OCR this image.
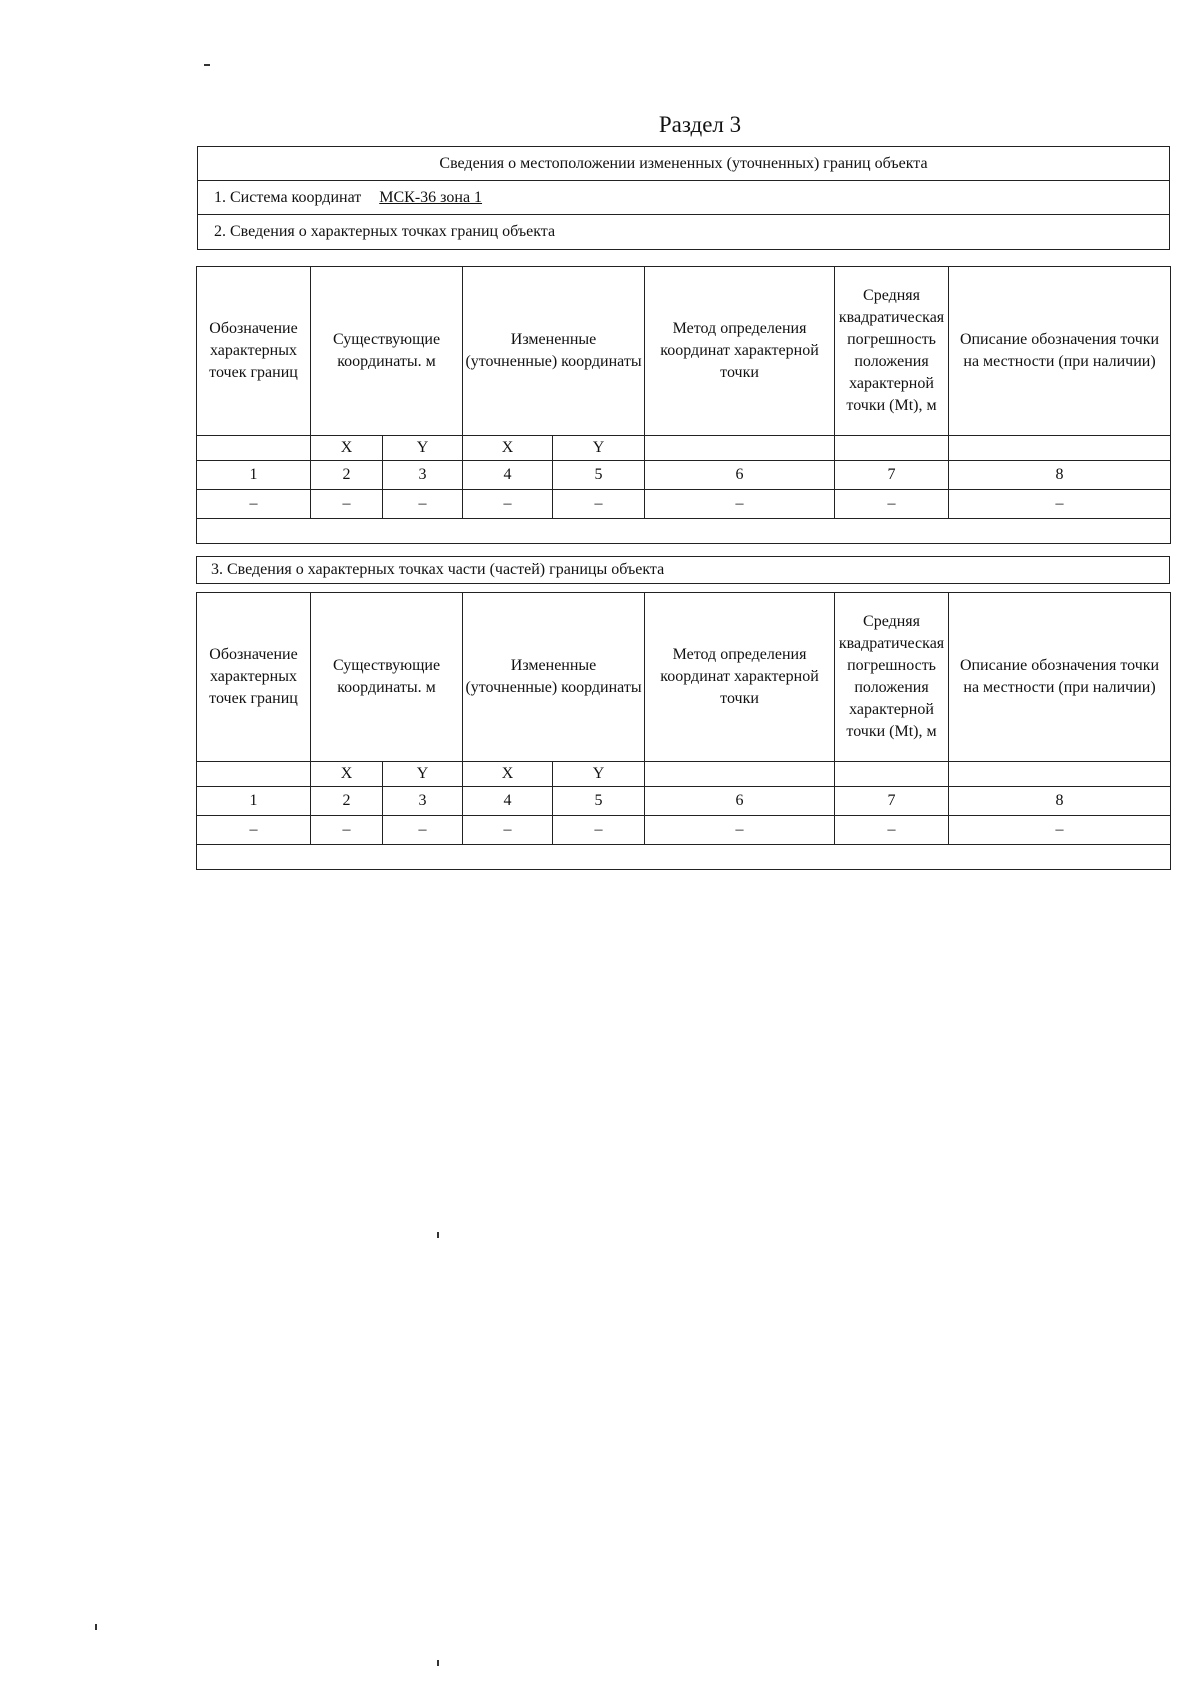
Раздел 3
Сведения о местоположении измененных (уточненных) границ объекта
1. Система координат МСК-36 зона 1
2. Сведения о характерных точках границ объекта
Обозначение характерных точек границ	Существующие координаты. м		Измененные (уточненные) координаты		Метод определения координат характерной точки	Средняя квадратическая погрешность положения характерной точки (Mt), м	Описание обозначения точки на местности (при наличии)
	X	Y	X	Y			
1	2	3	4	5	6	7	8
–	–	–	–	–	–	–	–

3. Сведения о характерных точках части (частей) границы объекта
Обозначение характерных точек границ	Существующие координаты. м		Измененные (уточненные) координаты		Метод определения координат характерной точки	Средняя квадратическая погрешность положения характерной точки (Mt), м	Описание обозначения точки на местности (при наличии)
	X	Y	X	Y			
1	2	3	4	5	6	7	8
–	–	–	–	–	–	–	–
